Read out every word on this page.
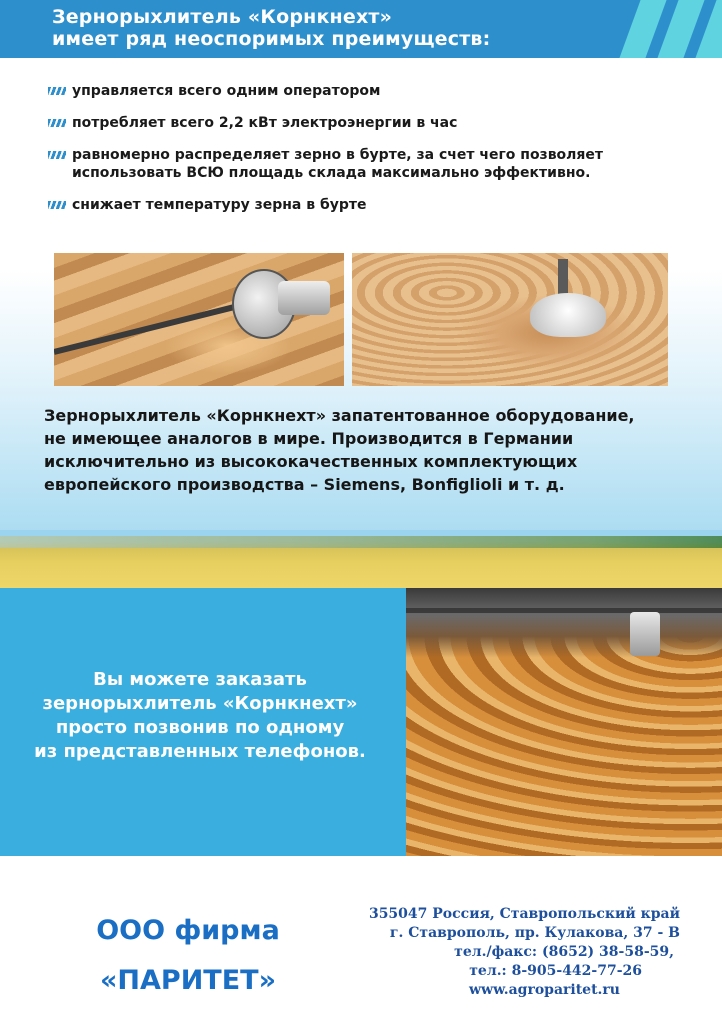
Зернорыхлитель «Корнкнехт»
имеет ряд неоспоримых преимуществ:
управляется всего одним оператором
потребляет всего 2,2 кВт электроэнергии в час
равномерно распределяет зерно в бурте, за счет чего позволяет использовать ВСЮ площадь склада максимально эффективно.
снижает температуру зерна в бурте
Зернорыхлитель «Корнкнехт» запатентованное оборудование,
не имеющее аналогов в мире. Производится в Германии
исключительно из высококачественных комплектующих
европейского производства – Siemens, Bonfiglioli и т. д.
Вы можете заказать
зернорыхлитель «Корнкнехт»
просто позвонив по одному
из представленных телефонов.
ООО фирма
«ПАРИТЕТ»
355047 Россия, Ставропольский край
г. Ставрополь, пр. Кулакова, 37 - В
тел./факс: (8652) 38-58-59,
тел.: 8-905-442-77-26
www.agroparitet.ru
